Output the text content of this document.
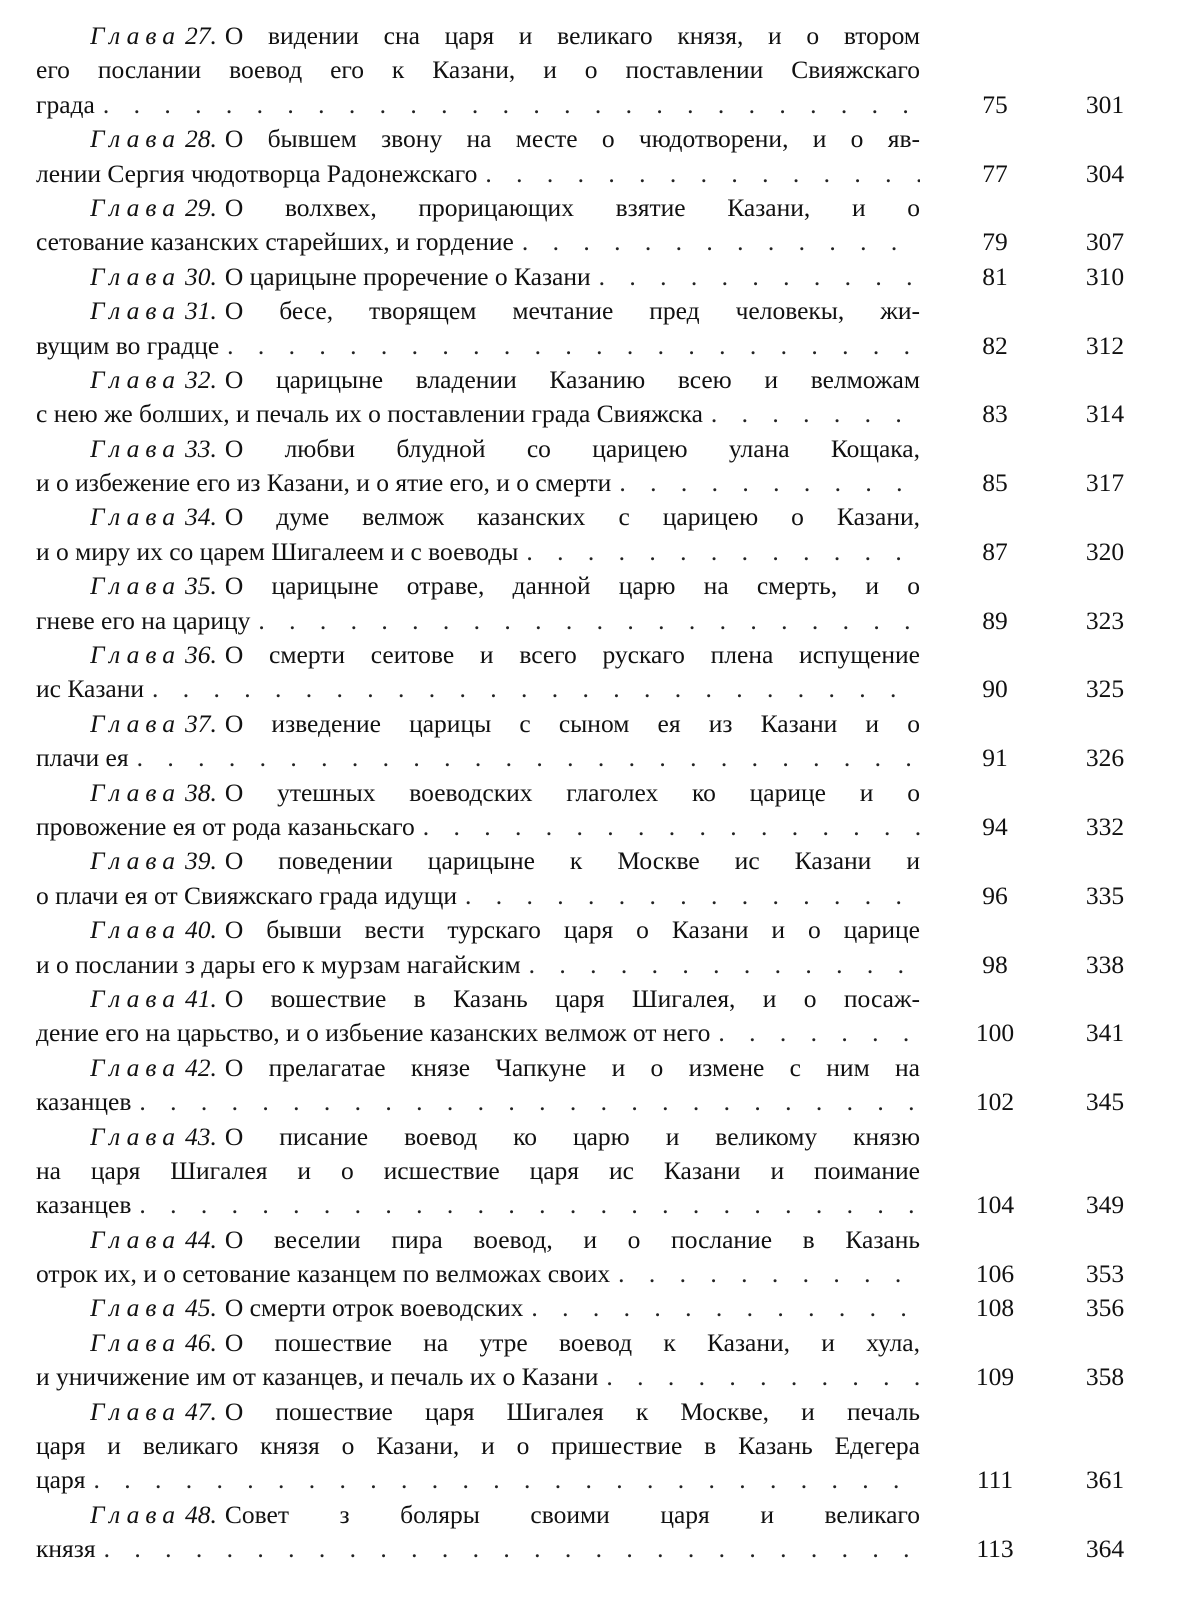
Глава 27. О видении сна царя и великаго князя, и о втором
его послании воевод его к Казани, и о поставлении Свияжскаго
града . . .	75	301
Глава 28. О бывшем звону на месте о чюдотворени, и о яв-
лении Сергия чюдотворца Радонежскаго . . .	77	304
Глава 29. О волхвех, прорицающих взятие Казани, и о
сетование казанских старейших, и гордение . . .	79	307
Глава 30. О царицыне проречение о Казани . . .	81	310
Глава 31. О бесе, творящем мечтание пред человекы, жи-
вущим во градце . . .	82	312
Глава 32. О царицыне владении Казанию всею и велможам
с нею же болших, и печаль их о поставлении града Свияжска . . .	83	314
Глава 33. О любви блудной со царицею улана Кощака,
и о избежение его из Казани, и о ятие его, и о смерти . . .	85	317
Глава 34. О думе велмож казанских с царицею о Казани,
и о миру их со царем Шигалеем и с воеводы . . .	87	320
Глава 35. О царицыне отраве, данной царю на смерть, и о
гневе его на царицу . . .	89	323
Глава 36. О смерти сеитове и всего рускаго плена испущение
ис Казани . . .	90	325
Глава 37. О изведение царицы с сыном ея из Казани и о
плачи ея . . .	91	326
Глава 38. О утешных воеводских глаголех ко царице и о
провожение ея от рода казаньскаго . . .	94	332
Глава 39. О поведении царицыне к Москве ис Казани и
о плачи ея от Свияжскаго града идущи . . .	96	335
Глава 40. О бывши вести турскаго царя о Казани и о царице
и о послании з дары его к мурзам нагайским . . .	98	338
Глава 41. О вошествие в Казань царя Шигалея, и о посаж-
дение его на царьство, и о избьение казанских велмож от него . . .	100	341
Глава 42. О прелагатае князе Чапкуне и о измене с ним на
казанцев . . .	102	345
Глава 43. О писание воевод ко царю и великому князю
на царя Шигалея и о исшествие царя ис Казани и поимание
казанцев . . .	104	349
Глава 44. О веселии пира воевод, и о послание в Казань
отрок их, и о сетование казанцем по велможах своих . . .	106	353
Глава 45. О смерти отрок воеводских . . .	108	356
Глава 46. О пошествие на утре воевод к Казани, и хула,
и уничижение им от казанцев, и печаль их о Казани . . .	109	358
Глава 47. О пошествие царя Шигалея к Москве, и печаль
царя и великаго князя о Казани, и о пришествие в Казань Едегера
царя . . .	111	361
Глава 48. Совет з боляры своими царя и великаго
князя . . .	113	364
